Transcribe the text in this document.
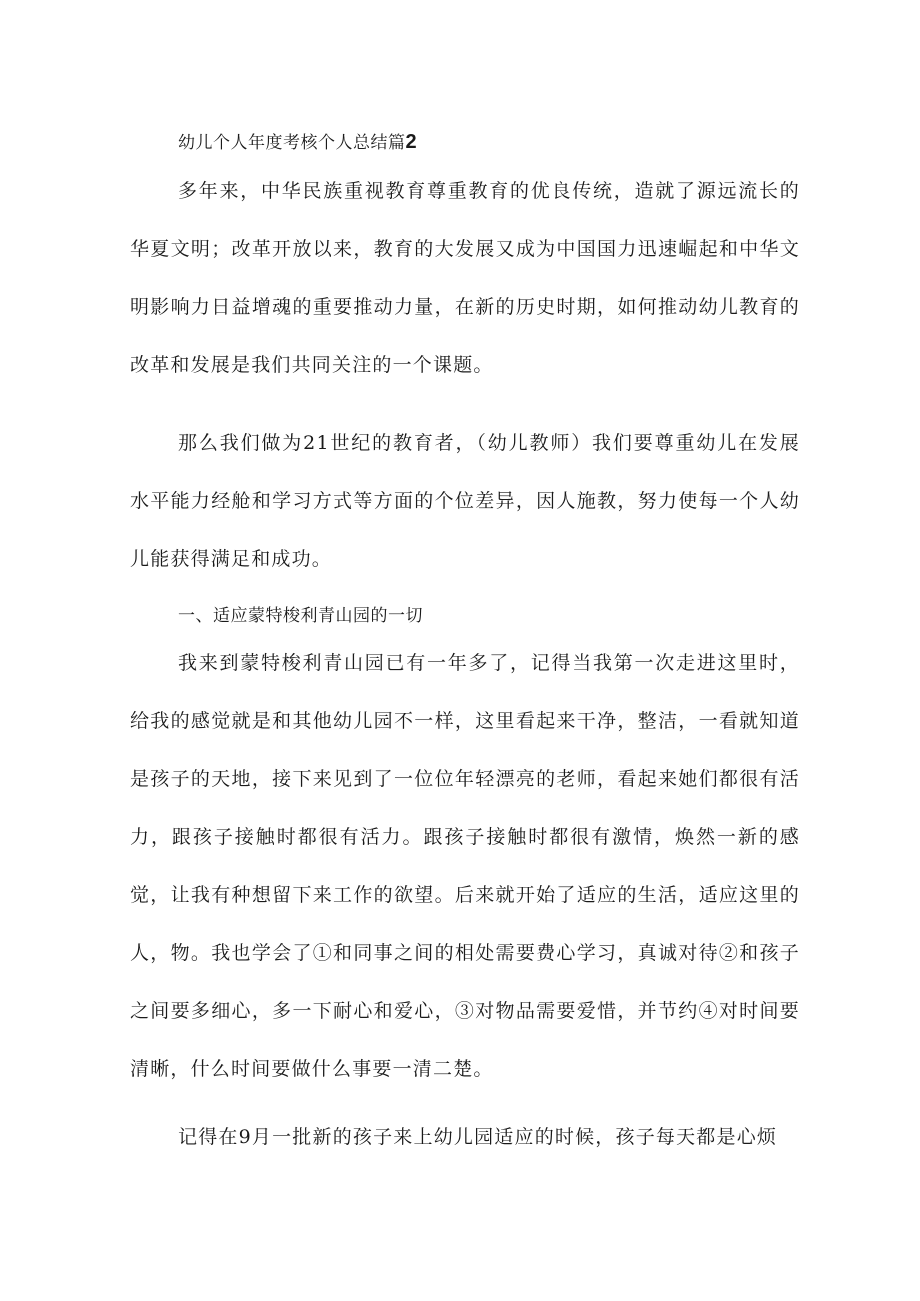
幼儿个人年度考核个人总结篇2

多年来，中华民族重视教育尊重教育的优良传统，造就了源远流长的华夏文明；改革开放以来，教育的大发展又成为中国国力迅速崛起和中华文明影响力日益增魂的重要推动力量，在新的历史时期，如何推动幼儿教育的改革和发展是我们共同关注的一个课题。

那么我们做为21世纪的教育者，（幼儿教师）我们要尊重幼儿在发展水平能力经舱和学习方式等方面的个位差异，因人施教，努力使每一个人幼儿能获得满足和成功。

一、适应蒙特梭利青山园的一切

我来到蒙特梭利青山园已有一年多了，记得当我第一次走进这里时，给我的感觉就是和其他幼儿园不一样，这里看起来干净，整洁，一看就知道是孩子的天地，接下来见到了一位位年轻漂亮的老师，看起来她们都很有活力，跟孩子接触时都很有活力。跟孩子接触时都很有激情，焕然一新的感觉，让我有种想留下来工作的欲望。后来就开始了适应的生活，适应这里的人，物。我也学会了①和同事之间的相处需要费心学习，真诚对待②和孩子之间要多细心，多一下耐心和爱心，③对物品需要爱惜，并节约④对时间要清晰，什么时间要做什么事要一清二楚。

记得在9月一批新的孩子来上幼儿园适应的时候，孩子每天都是心烦
